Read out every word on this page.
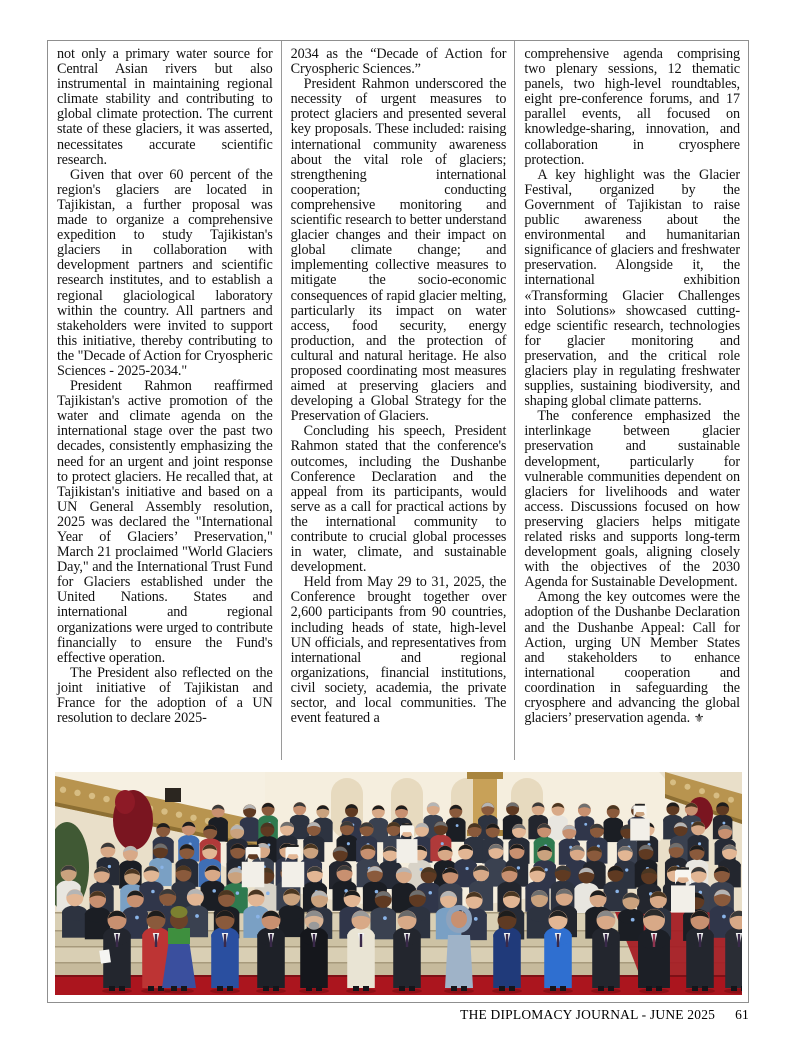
not only a primary water source for Central Asian rivers but also instrumental in maintaining regional climate stability and contributing to global climate protection. The current state of these glaciers, it was asserted, necessitates accurate scientific research.

Given that over 60 percent of the region's glaciers are located in Tajikistan, a further proposal was made to organize a comprehensive expedition to study Tajikistan's glaciers in collaboration with development partners and scientific research institutes, and to establish a regional glaciological laboratory within the country. All partners and stakeholders were invited to support this initiative, thereby contributing to the "Decade of Action for Cryospheric Sciences - 2025-2034."

President Rahmon reaffirmed Tajikistan's active promotion of the water and climate agenda on the international stage over the past two decades, consistently emphasizing the need for an urgent and joint response to protect glaciers. He recalled that, at Tajikistan's initiative and based on a UN General Assembly resolution, 2025 was declared the "International Year of Glaciers’ Preservation," March 21 proclaimed "World Glaciers Day," and the International Trust Fund for Glaciers established under the United Nations. States and international and regional organizations were urged to contribute financially to ensure the Fund's effective operation.

The President also reflected on the joint initiative of Tajikistan and France for the adoption of a UN resolution to declare 2025-

2034 as the “Decade of Action for Cryospheric Sciences.”

President Rahmon underscored the necessity of urgent measures to protect glaciers and presented several key proposals. These included: raising international community awareness about the vital role of glaciers; strengthening international cooperation; conducting comprehensive monitoring and scientific research to better understand glacier changes and their impact on global climate change; and implementing collective measures to mitigate the socio-economic consequences of rapid glacier melting, particularly its impact on water access, food security, energy production, and the protection of cultural and natural heritage. He also proposed coordinating most measures aimed at preserving glaciers and developing a Global Strategy for the Preservation of Glaciers.

Concluding his speech, President Rahmon stated that the conference's outcomes, including the Dushanbe Conference Declaration and the appeal from its participants, would serve as a call for practical actions by the international community to contribute to crucial global processes in water, climate, and sustainable development.

Held from May 29 to 31, 2025, the Conference brought together over 2,600 participants from 90 countries, including heads of state, high-level UN officials, and representatives from international and regional organizations, financial institutions, civil society, academia, the private sector, and local communities. The event featured a

comprehensive agenda comprising two plenary sessions, 12 thematic panels, two high-level roundtables, eight pre-conference forums, and 17 parallel events, all focused on knowledge-sharing, innovation, and collaboration in cryosphere protection.

A key highlight was the Glacier Festival, organized by the Government of Tajikistan to raise public awareness about the environmental and humanitarian significance of glaciers and freshwater preservation. Alongside it, the international exhibition «Transforming Glacier Challenges into Solutions» showcased cutting-edge scientific research, technologies for glacier monitoring and preservation, and the critical role glaciers play in regulating freshwater supplies, sustaining biodiversity, and shaping global climate patterns.

The conference emphasized the interlinkage between glacier preservation and sustainable development, particularly for vulnerable communities dependent on glaciers for livelihoods and water access. Discussions focused on how preserving glaciers helps mitigate related risks and supports long-term development goals, aligning closely with the objectives of the 2030 Agenda for Sustainable Development.

Among the key outcomes were the adoption of the Dushanbe Declaration and the Dushanbe Appeal: Call for Action, urging UN Member States and stakeholders to enhance international cooperation and coordination in safeguarding the cryosphere and advancing the global glaciers’ preservation agenda. ⚜

THE DIPLOMACY JOURNAL - JUNE 2025 61
